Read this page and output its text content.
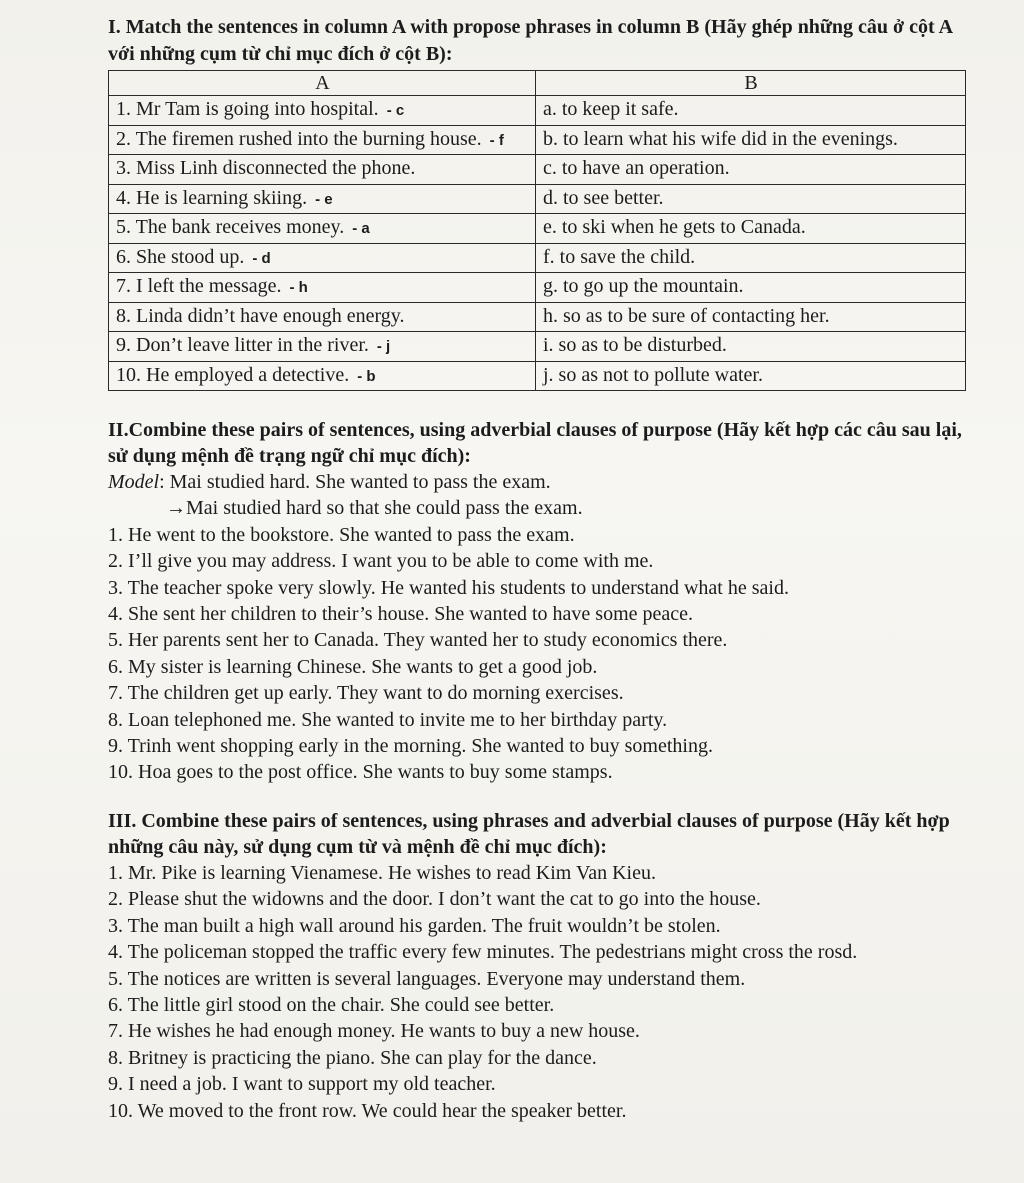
I. Match the sentences in column A with propose phrases in column B (Hãy ghép những câu ở cột A với những cụm từ chỉ mục đích ở cột B):

A	B
1. Mr Tam is going into hospital. - c	a. to keep it safe.
2. The firemen rushed into the burning house. - f	b. to learn what his wife did in the evenings.
3. Miss Linh disconnected the phone.	c. to have an operation.
4. He is learning skiing. - e	d. to see better.
5. The bank receives money. - a	e. to ski when he gets to Canada.
6. She stood up. - d	f. to save the child.
7. I left the message. - h	g. to go up the mountain.
8. Linda didn’t have enough energy.	h. so as to be sure of contacting her.
9. Don’t leave litter in the river. - j	i. so as to be disturbed.
10. He employed a detective. - b	j. so as not to pollute water.

II.Combine these pairs of sentences, using adverbial clauses of purpose (Hãy kết hợp các câu sau lại, sử dụng mệnh đề trạng ngữ chỉ mục đích):

Model: Mai studied hard. She wanted to pass the exam.

→Mai studied hard so that she could pass the exam.

1. He went to the bookstore. She wanted to pass the exam.

2. I’ll give you may address. I want you to be able to come with me.

3. The teacher spoke very slowly. He wanted his students to understand what he said.

4. She sent her children to their’s house. She wanted to have some peace.

5. Her parents sent her to Canada. They wanted her to study economics there.

6. My sister is learning Chinese. She wants to get a good job.

7. The children get up early. They want to do morning exercises.

8. Loan telephoned me. She wanted to invite me to her birthday party.

9. Trinh went shopping early in the morning. She wanted to buy something.

10. Hoa goes to the post office. She wants to buy some stamps.

III. Combine these pairs of sentences, using phrases and adverbial clauses of purpose (Hãy kết hợp những câu này, sử dụng cụm từ và mệnh đề chỉ mục đích):

1. Mr. Pike is learning Vienamese. He wishes to read Kim Van Kieu.

2. Please shut the widowns and the door. I don’t want the cat to go into the house.

3. The man built a high wall around his garden. The fruit wouldn’t be stolen.

4. The policeman stopped the traffic every few minutes. The pedestrians might cross the rosd.

5. The notices are written is several languages. Everyone may understand them.

6. The little girl stood on the chair. She could see better.

7. He wishes he had enough money. He wants to buy a new house.

8. Britney is practicing the piano. She can play for the dance.

9. I need a job. I want to support my old teacher.

10. We moved to the front row. We could hear the speaker better.
